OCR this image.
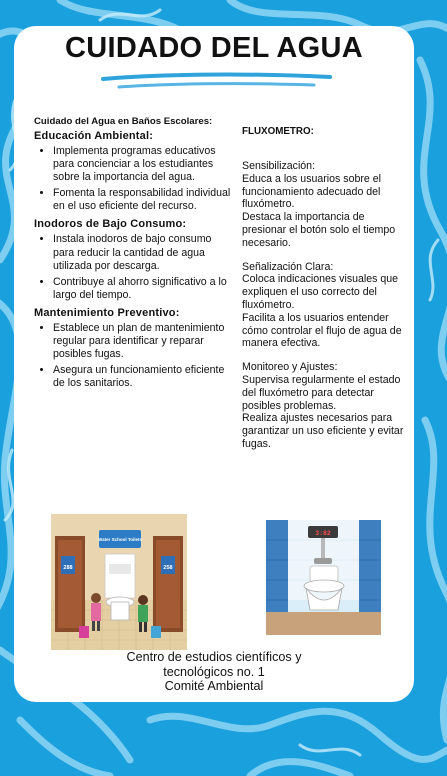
CUIDADO DEL AGUA
Cuidado del Agua en Baños Escolares:
Educación Ambiental:
• Implementa programas educativos para concienciar a los estudiantes sobre la importancia del agua.
• Fomenta la responsabilidad individual en el uso eficiente del recurso.
Inodoros de Bajo Consumo:
• Instala inodoros de bajo consumo para reducir la cantidad de agua utilizada por descarga.
• Contribuye al ahorro significativo a lo largo del tiempo.
Mantenimiento Preventivo:
• Establece un plan de mantenimiento regular para identificar y reparar posibles fugas.
• Asegura un funcionamiento eficiente de los sanitarios.
FLUXOMETRO:

Sensibilización:

Educa a los usuarios sobre el funcionamiento adecuado del fluxómetro.

Destaca la importancia de presionar el botón solo el tiempo necesario.

Señalización Clara:

Coloca indicaciones visuales que expliquen el uso correcto del fluxómetro.

Facilita a los usuarios entender cómo controlar el flujo de agua de manera efectiva.

Monitoreo y Ajustes:

Supervisa regularmente el estado del fluxómetro para detectar posibles problemas.

Realiza ajustes necesarios para garantizar un uso eficiente y evitar fugas.

288	258
Water School Toilets
3:82
Centro de estudios científicos y
tecnológicos no. 1
Comité Ambiental
